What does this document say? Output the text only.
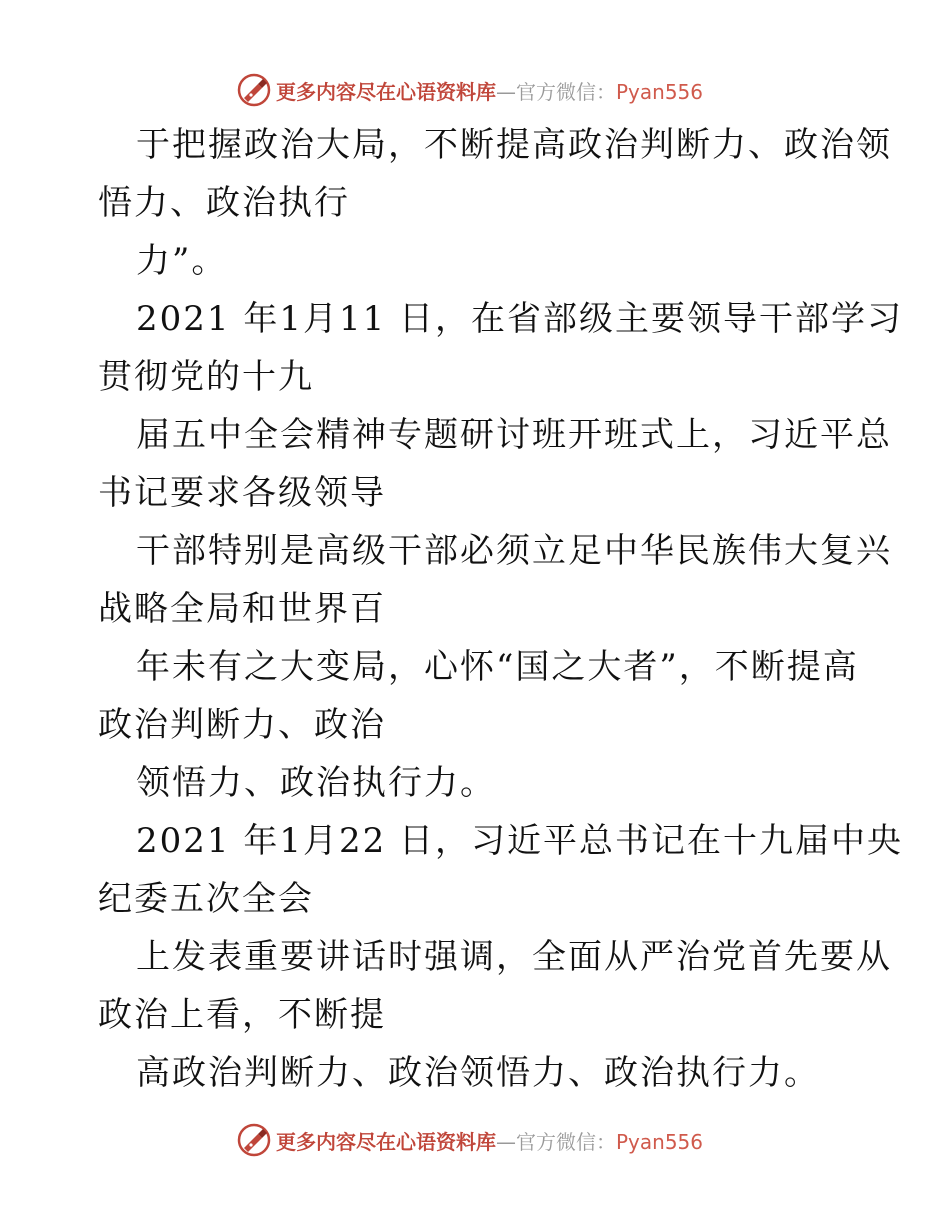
更多内容尽在心语资料库—官方微信：Pyan556
于把握政治大局，不断提高政治判断力、政治领
悟力、政治执行
力”。
2021 年1月11 日，在省部级主要领导干部学习
贯彻党的十九
届五中全会精神专题研讨班开班式上，习近平总
书记要求各级领导
干部特别是高级干部必须立足中华民族伟大复兴
战略全局和世界百
年未有之大变局，心怀“国之大者”，不断提高
政治判断力、政治
领悟力、政治执行力。
2021 年1月22 日，习近平总书记在十九届中央
纪委五次全会
上发表重要讲话时强调，全面从严治党首先要从
政治上看，不断提
高政治判断力、政治领悟力、政治执行力。
更多内容尽在心语资料库—官方微信：Pyan556
